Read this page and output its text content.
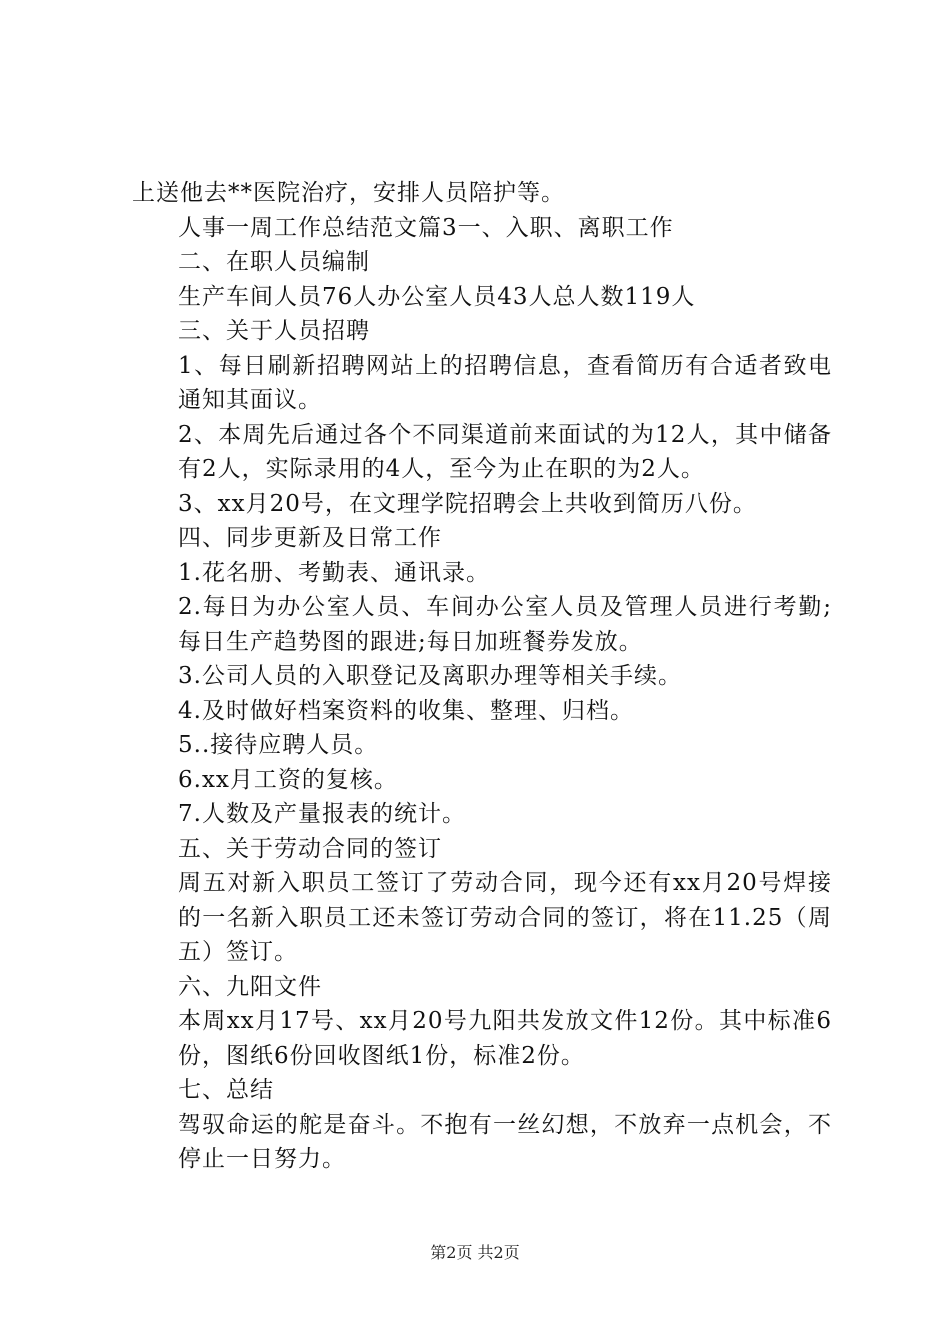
上送他去**医院治疗，安排人员陪护等。
人事一周工作总结范文篇3一、入职、离职工作
二、在职人员编制
生产车间人员76人办公室人员43人总人数119人
三、关于人员招聘
1、每日刷新招聘网站上的招聘信息，查看简历有合适者致电通知其面议。
2、本周先后通过各个不同渠道前来面试的为12人，其中储备有2人，实际录用的4人，至今为止在职的为2人。
3、xx月20号，在文理学院招聘会上共收到简历八份。
四、同步更新及日常工作
1.花名册、考勤表、通讯录。
2.每日为办公室人员、车间办公室人员及管理人员进行考勤;每日生产趋势图的跟进;每日加班餐券发放。
3.公司人员的入职登记及离职办理等相关手续。
4.及时做好档案资料的收集、整理、归档。
5..接待应聘人员。
6.xx月工资的复核。
7.人数及产量报表的统计。
五、关于劳动合同的签订
周五对新入职员工签订了劳动合同，现今还有xx月20号焊接的一名新入职员工还未签订劳动合同的签订，将在11.25（周五）签订。
六、九阳文件
本周xx月17号、xx月20号九阳共发放文件12份。其中标准6份，图纸6份回收图纸1份，标准2份。
七、总结
驾驭命运的舵是奋斗。不抱有一丝幻想，不放弃一点机会，不停止一日努力。
第2页 共2页
